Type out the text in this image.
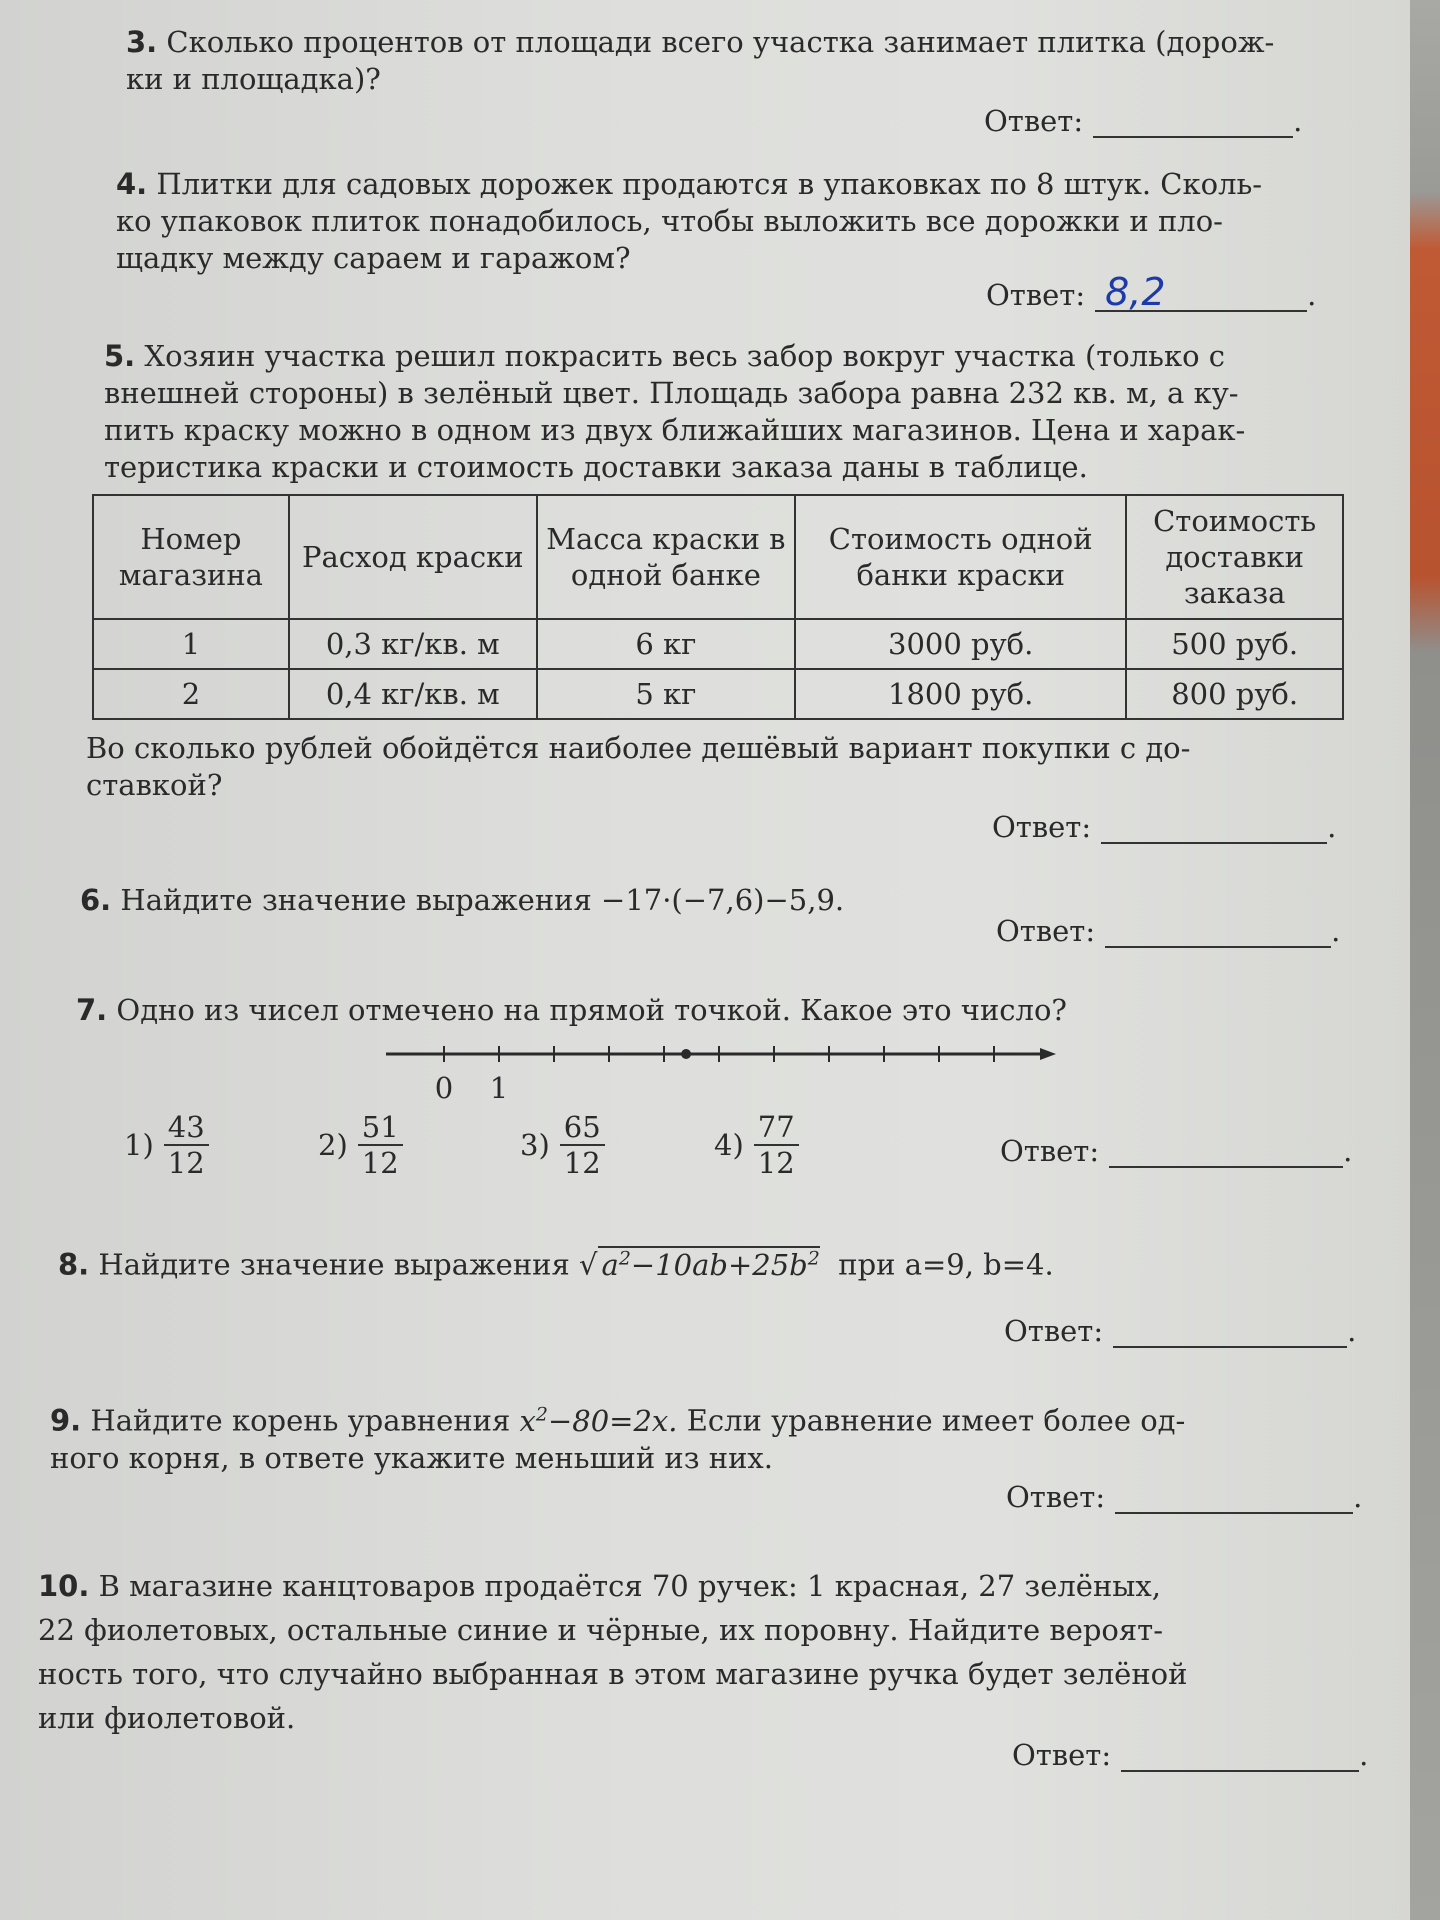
3. Сколько процентов от площади всего участка занимает плитка (дорож-
ки и площадка)?
Ответ:	.
4. Плитки для садовых дорожек продаются в упаковках по 8 штук. Сколь-
ко упаковок плиток понадобилось, чтобы выложить все дорожки и пло-
щадку между сараем и гаражом?
Ответ: 8,2	.
5. Хозяин участка решил покрасить весь забор вокруг участка (только с
внешней стороны) в зелёный цвет. Площадь забора равна 232 кв. м, а ку-
пить краску можно в одном из двух ближайших магазинов. Цена и харак-
теристика краски и стоимость доставки заказа даны в таблице.
Номер магазина	Расход краски	Масса краски в одной банке	Стоимость одной банки краски	Стоимость доставки заказа
1	0,3 кг/кв. м	6 кг	3000 руб.	500 руб.
2	0,4 кг/кв. м	5 кг	1800 руб.	800 руб.
Во сколько рублей обойдётся наиболее дешёвый вариант покупки с до-
ставкой?
Ответ:	.
6. Найдите значение выражения −17·(−7,6)−5,9.
Ответ:	.
7. Одно из чисел отмечено на прямой точкой. Какое это число?
0 1
$1) \frac{43}{12}$	$2) \frac{51}{12}$	$3) \frac{65}{12}$	$4) \frac{77}{12}$	Ответ:	.
8. Найдите значение выражения √ $a^2-10ab+25b^2$ при a=9, b=4.
Ответ:	.
9. Найдите корень уравнения $x^2-80=2x$. Если уравнение имеет более од-
ного корня, в ответе укажите меньший из них.
Ответ:	.
10. В магазине канцтоваров продаётся 70 ручек: 1 красная, 27 зелёных,
22 фиолетовых, остальные синие и чёрные, их поровну. Найдите вероят-
ность того, что случайно выбранная в этом магазине ручка будет зелёной
или фиолетовой.
Ответ:	.
